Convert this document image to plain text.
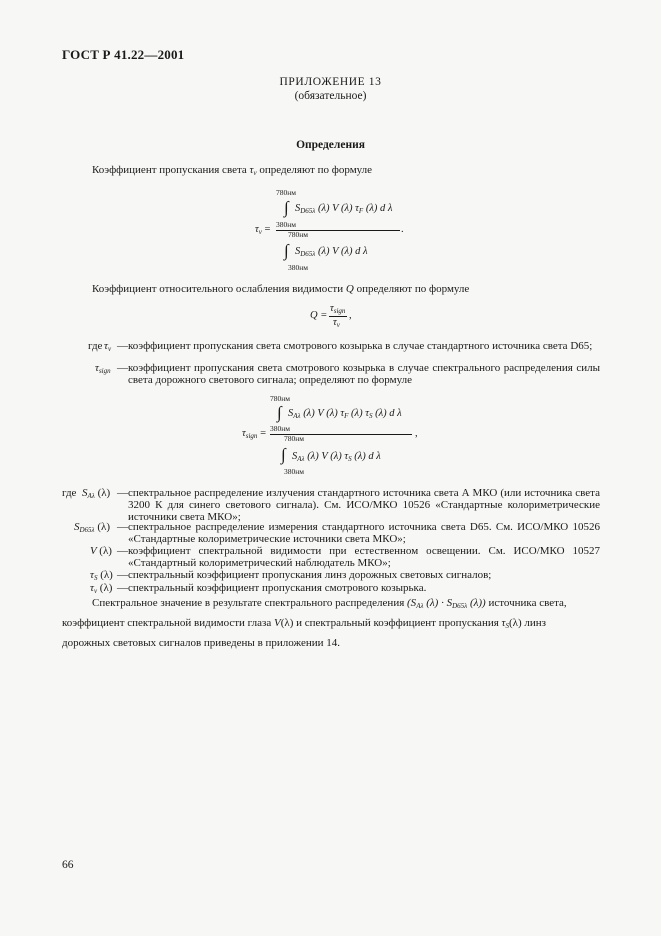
ГОСТ Р 41.22—2001
ПРИЛОЖЕНИЕ 13
(обязательное)
Определения
Коэффициент пропускания света $\tau_v$ определяют по формуле
780нм
∫ $S_{D65\lambda}$ (λ) V (λ) $\tau_F$ (λ) d λ
$\tau_v = 380нм$	.
780нм
∫ $S_{D65\lambda}$ (λ) V (λ) d λ
380нм
Коэффициент относительного ослабления видимости Q определяют по формуле
Q =
$\tau_{sign}$
$\tau_v$
,
где $\tau_v$ — коэффициент пропускания света смотрового козырька в случае стандартного источника света D65;
$\tau_{sign}$ — коэффициент пропускания света смотрового козырька в случае спектрального распределения силы света дорожного светового сигнала; определяют по формуле
780нм
∫ $S_{A\lambda}$ (λ) V (λ) $\tau_F$ (λ) $\tau_S$ (λ) d λ
$\tau_{sign} = 380нм$	,
780нм
∫ $S_{A\lambda}$ (λ) V (λ) $\tau_S$ (λ) d λ
380нм
где $S_{A\lambda}$ (λ) — спектральное распределение излучения стандартного источника света А МКО (или источника света 3200 К для синего светового сигнала). См. ИСО/МКО 10526 «Стандартные колориметрические источники света МКО»;
$S_{D65\lambda}$ (λ) — спектральное распределение измерения стандартного источника света D65. См. ИСО/МКО 10526 «Стандартные колориметрические источники света МКО»;
V (λ) — коэффициент спектральной видимости при естественном освещении. См. ИСО/МКО 10527 «Стандартный колориметрический наблюдатель МКО»;
$\tau_S$ (λ) — спектральный коэффициент пропускания линз дорожных световых сигналов;
$\tau_v$ (λ) — спектральный коэффициент пропускания смотрового козырька.
Спектральное значение в результате спектрального распределения ($S_{A\lambda}$ $(\lambda) \cdot S_{D65\lambda}$ (λ)) источника света,
коэффициент спектральной видимости глаза V(λ) и спектральный коэффициент пропускания $\tau_S(\lambda)$ линз
дорожных световых сигналов приведены в приложении 14.
66
